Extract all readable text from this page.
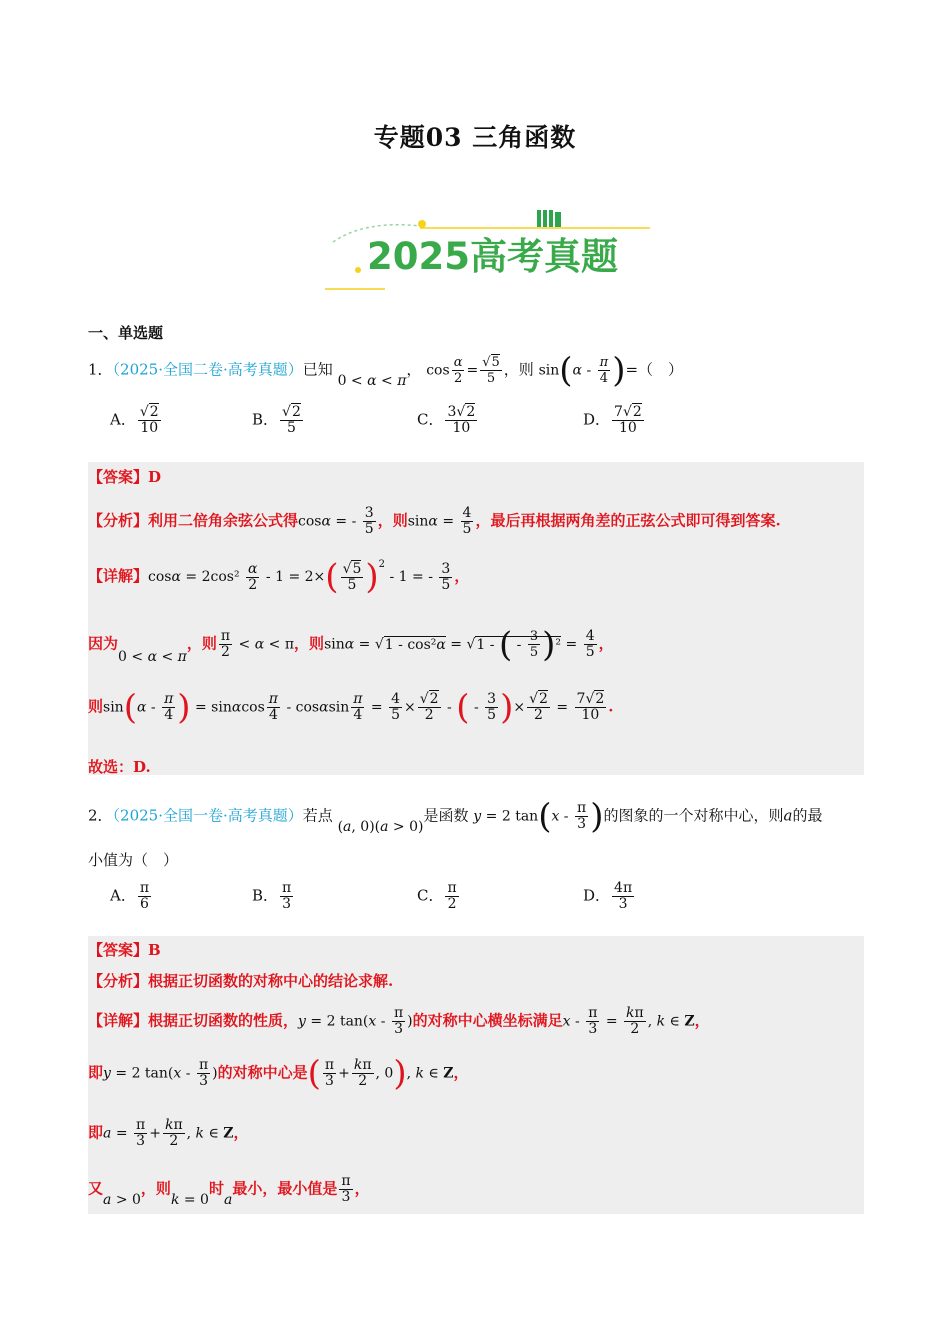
专题03 三角函数
2025高考真题
一、单选题
1．（2025·全国二卷·高考真题）已知 0 < α < π， $\cos \frac{\alpha}{2} = \frac{√5}{5}$ ，则 $\sin(\alpha - \frac{\pi}{4}$ )=（　）
A． $\frac{√2}{10}$	B． $\frac{√2}{5}$	C． $\frac{3√2}{10}$	D． $\frac{7√2}{10}$
【答案】D
【分析】利用二倍角余弦公式得cosα = - $\frac{3}{5}$ ，则$\sin\alpha = \frac{4}{5}$ ，最后再根据两角差的正弦公式即可得到答案.
【详解】$\cos\alpha = 2\cos^2 \frac{\alpha}{2} - 1 = 2\times( \frac{√5}{5} )^2 - 1$ = - $\frac{3}{5}$ ，
因为0 < α < π，则 $\frac{\pi}{2} < \alpha < \pi$，则sinα = √1 - cos²α = √1 - ( - $\frac{3}{5} )^2 = \frac{4}{5}$ ，
则$\sin(\alpha - \frac{\pi}{4}$ ) = sinαcos $\frac{\pi}{4} - \cos\alpha\sin \frac{\pi}{4} = \frac{4}{5} \times \frac{√2}{2}$ - ( - $\frac{3}{5}$ )× $\frac{√2}{2} = \frac{7√2}{10}$ .
故选：D.
2．（2025·全国一卷·高考真题）若点 (a, 0)(a > 0)是函数 y = 2 $\tan(x - \frac{\pi}{3}$ )的图象的一个对称中心，则a的最
小值为（　）
A． $\frac{\pi}{6}$	B． $\frac{\pi}{3}$	C． $\frac{\pi}{2}$	D． $\frac{4\pi}{3}$
【答案】B
【分析】根据正切函数的对称中心的结论求解.
【详解】根据正切函数的性质，y = 2 $\tan(x - \frac{\pi}{3}$ )的对称中心横坐标满足$x - \frac{\pi}{3} = \frac{k\pi}{2}$ , k ∈ Z，
即y = 2 $\tan(x - \frac{\pi}{3}$ )的对称中心是( $\frac{\pi}{3} + \frac{k\pi}{2}$ , 0), k ∈ Z，
即$a = \frac{\pi}{3} + \frac{k\pi}{2}$ , k ∈ Z，
又a > 0，则k = 0时a最小，最小值是 $\frac{\pi}{3}$ ，
